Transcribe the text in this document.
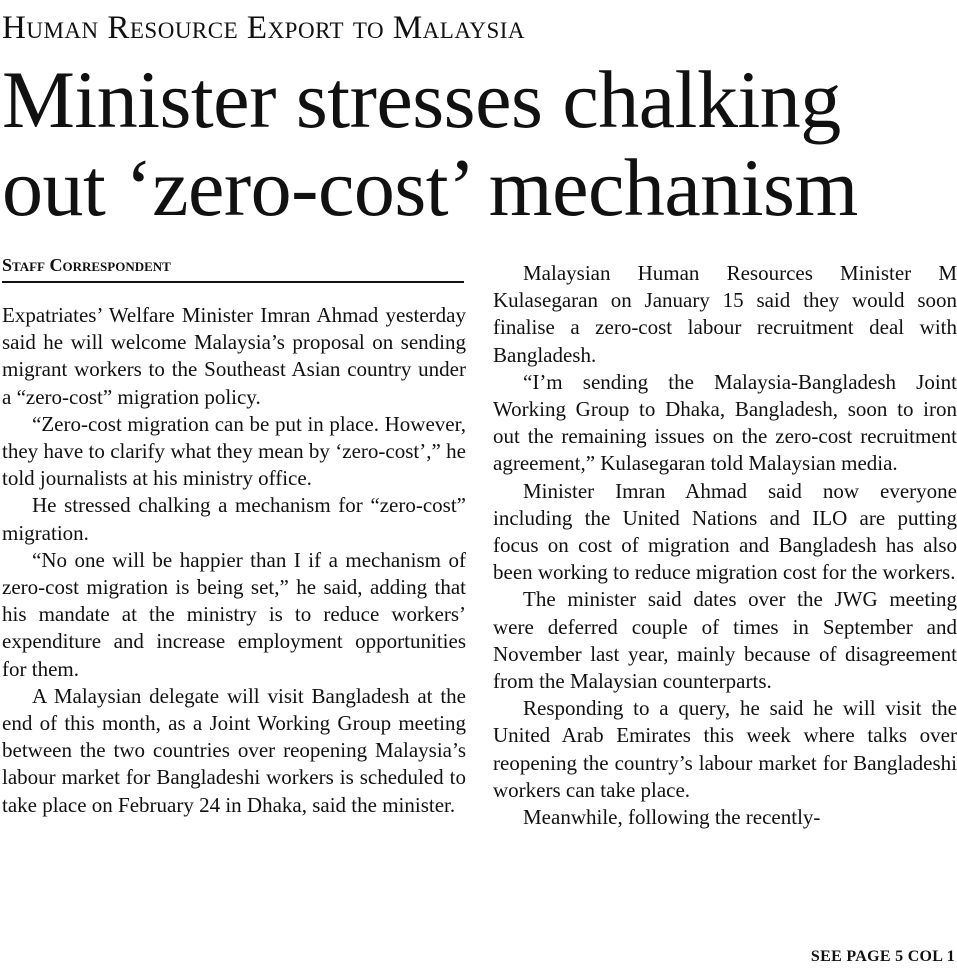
Human Resource Export to Malaysia
Minister stresses chalking out ‘zero-cost’ mechanism
Staff Correspondent

Expatriates’ Welfare Minister Imran Ahmad yesterday said he will welcome Malaysia’s proposal on sending migrant workers to the Southeast Asian country under a “zero-cost” migration policy.

“Zero-cost migration can be put in place. However, they have to clarify what they mean by ‘zero-cost’,” he told journalists at his ministry office.

He stressed chalking a mechanism for “zero-cost” migration.

“No one will be happier than I if a mechanism of zero-cost migration is being set,” he said, adding that his mandate at the ministry is to reduce workers’ expenditure and increase employment opportunities for them.

A Malaysian delegate will visit Bangladesh at the end of this month, as a Joint Working Group meeting between the two countries over reopening Malaysia’s labour market for Bangladeshi workers is scheduled to take place on February 24 in Dhaka, said the minister.

Malaysian Human Resources Minister M Kulasegaran on January 15 said they would soon finalise a zero-cost labour recruitment deal with Bangladesh.

“I’m sending the Malaysia-Bangladesh Joint Working Group to Dhaka, Bangladesh, soon to iron out the remaining issues on the zero-cost recruitment agreement,” Kulasegaran told Malaysian media.

Minister Imran Ahmad said now everyone including the United Nations and ILO are putting focus on cost of migration and Bangladesh has also been working to reduce migration cost for the workers.

The minister said dates over the JWG meeting were deferred couple of times in September and November last year, mainly because of disagreement from the Malaysian counterparts.

Responding to a query, he said he will visit the United Arab Emirates this week where talks over reopening the country’s labour market for Bangladeshi workers can take place.

Meanwhile, following the recently-

SEE PAGE 5 COL 1
